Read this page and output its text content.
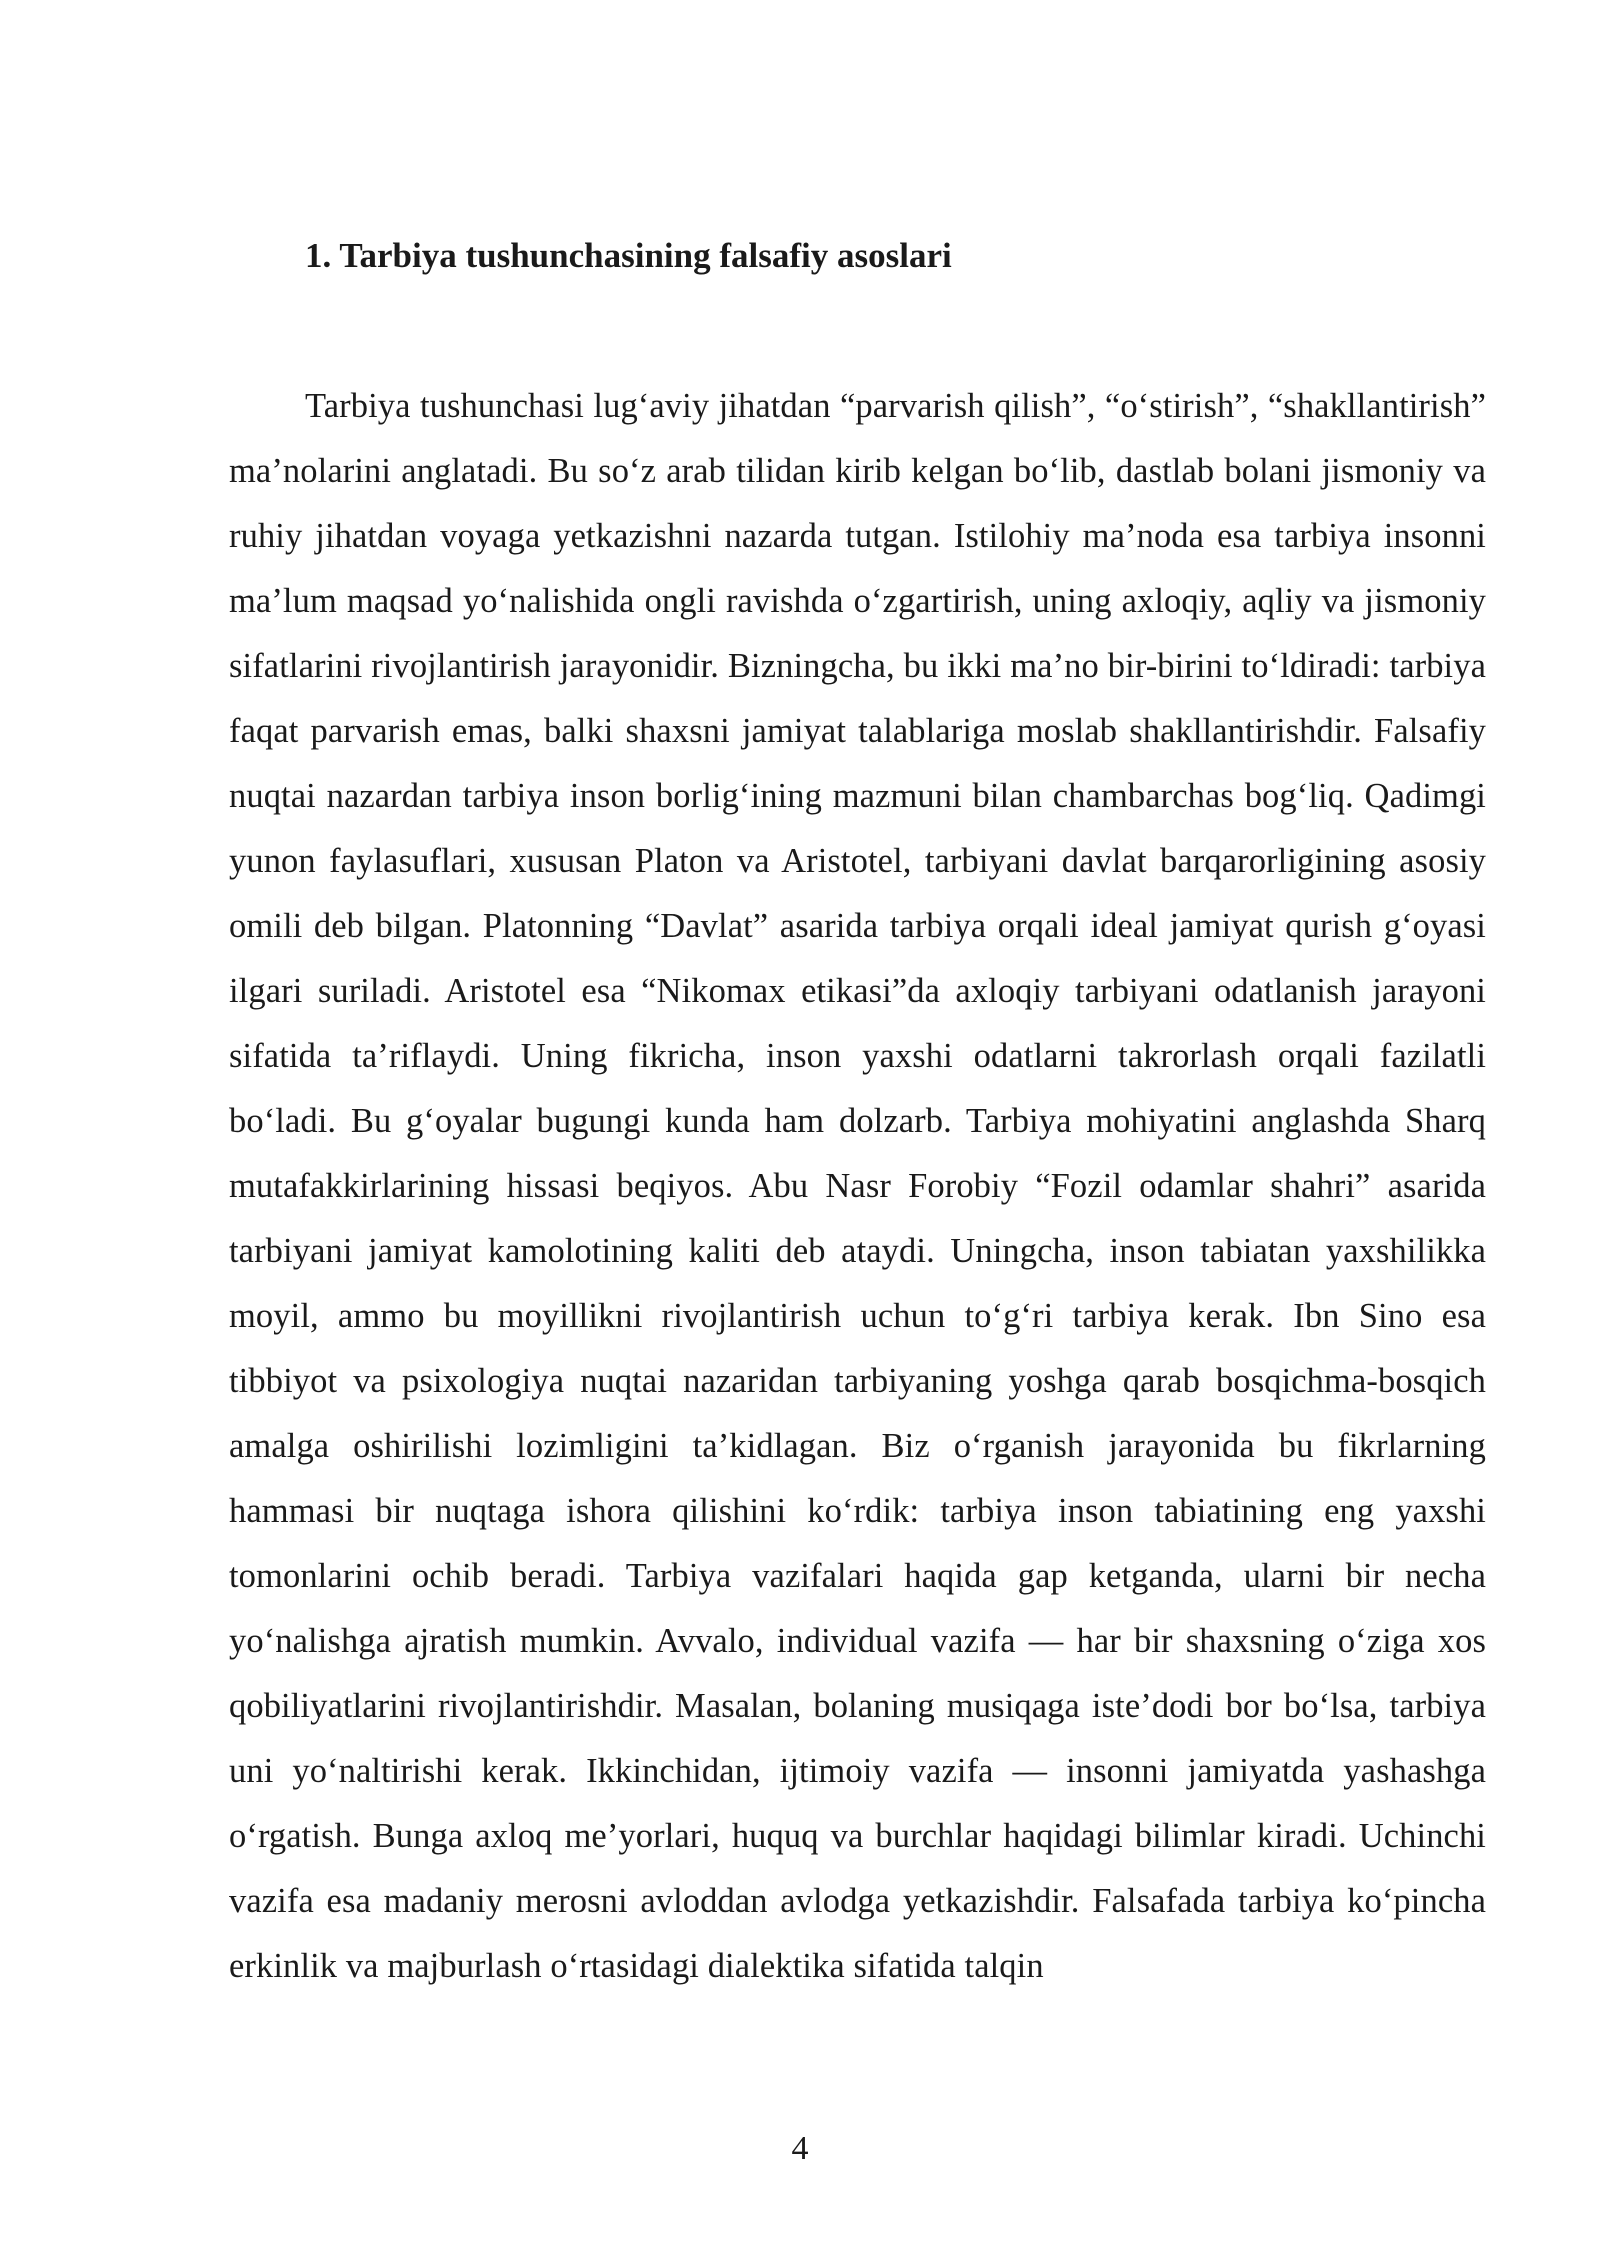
1. Tarbiya tushunchasining falsafiy asoslari

Tarbiya tushunchasi lug‘aviy jihatdan “parvarish qilish”, “o‘stirish”, “shakllantirish” ma’nolarini anglatadi. Bu so‘z arab tilidan kirib kelgan bo‘lib, dastlab bolani jismoniy va ruhiy jihatdan voyaga yetkazishni nazarda tutgan. Istilohiy ma’noda esa tarbiya insonni ma’lum maqsad yo‘nalishida ongli ravishda o‘zgartirish, uning axloqiy, aqliy va jismoniy sifatlarini rivojlantirish jarayonidir. Bizningcha, bu ikki ma’no bir-birini to‘ldiradi: tarbiya faqat parvarish emas, balki shaxsni jamiyat talablariga moslab shakllantirishdir. Falsafiy nuqtai nazardan tarbiya inson borlig‘ining mazmuni bilan chambarchas bog‘liq. Qadimgi yunon faylasuflari, xususan Platon va Aristotel, tarbiyani davlat barqarorligining asosiy omili deb bilgan. Platonning “Davlat” asarida tarbiya orqali ideal jamiyat qurish g‘oyasi ilgari suriladi. Aristotel esa “Nikomax etikasi”da axloqiy tarbiyani odatlanish jarayoni sifatida ta’riflaydi. Uning fikricha, inson yaxshi odatlarni takrorlash orqali fazilatli bo‘ladi. Bu g‘oyalar bugungi kunda ham dolzarb. Tarbiya mohiyatini anglashda Sharq mutafakkirlarining hissasi beqiyos. Abu Nasr Forobiy “Fozil odamlar shahri” asarida tarbiyani jamiyat kamolotining kaliti deb ataydi. Uningcha, inson tabiatan yaxshilikka moyil, ammo bu moyillikni rivojlantirish uchun to‘g‘ri tarbiya kerak. Ibn Sino esa tibbiyot va psixologiya nuqtai nazaridan tarbiyaning yoshga qarab bosqichma-bosqich amalga oshirilishi lozimligini ta’kidlagan. Biz o‘rganish jarayonida bu fikrlarning hammasi bir nuqtaga ishora qilishini ko‘rdik: tarbiya inson tabiatining eng yaxshi tomonlarini ochib beradi. Tarbiya vazifalari haqida gap ketganda, ularni bir necha yo‘nalishga ajratish mumkin. Avvalo, individual vazifa — har bir shaxsning o‘ziga xos qobiliyatlarini rivojlantirishdir. Masalan, bolaning musiqaga iste’dodi bor bo‘lsa, tarbiya uni yo‘naltirishi kerak. Ikkinchidan, ijtimoiy vazifa — insonni jamiyatda yashashga o‘rgatish. Bunga axloq me’yorlari, huquq va burchlar haqidagi bilimlar kiradi. Uchinchi vazifa esa madaniy merosni avloddan avlodga yetkazishdir. Falsafada tarbiya ko‘pincha erkinlik va majburlash o‘rtasidagi dialektika sifatida talqin

4
